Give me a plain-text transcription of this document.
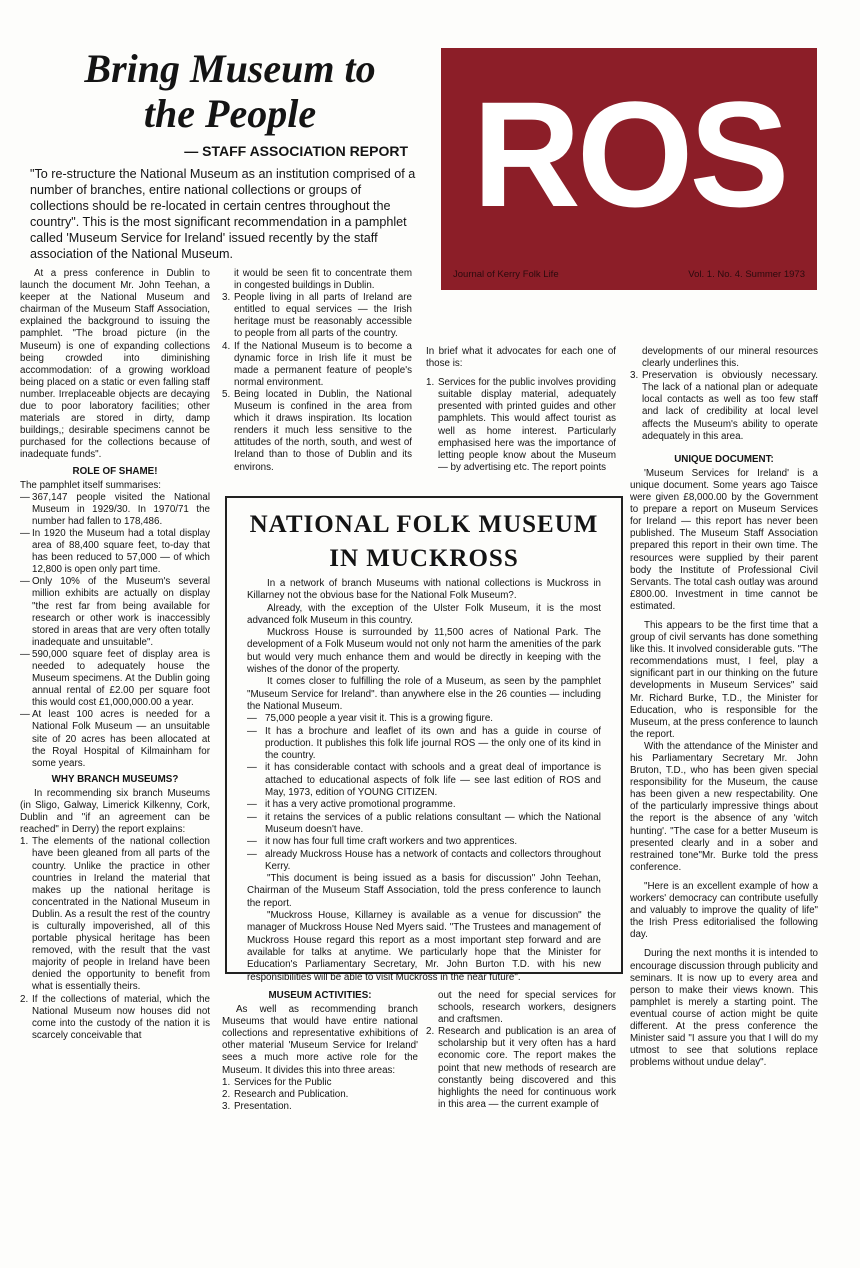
Bring Museum to
the People

— STAFF ASSOCIATION REPORT

"To re-structure the National Museum as an institution comprised of a number of branches, entire national collections or groups of collections should be re-located in certain centres throughout the country". This is the most significant recommendation in a pamphlet called 'Museum Service for Ireland' issued recently by the staff association of the National Museum.

ROS
Journal of Kerry Folk Life	Vol. 1. No. 4. Summer 1973

At a press conference in Dublin to launch the document Mr. John Teehan, a keeper at the National Museum and chairman of the Museum Staff Association, explained the background to issuing the pamphlet. "The broad picture (in the Museum) is one of expanding collections being crowded into diminishing accommodation: of a growing workload being placed on a static or even falling staff number. Irreplaceable objects are decaying due to poor laboratory facilities; other materials are stored in dirty, damp buildings,; desirable specimens cannot be purchased for the collections because of inadequate funds".

ROLE OF SHAME!

The pamphlet itself summarises:

— 367,147 people visited the National Museum in 1929/30. In 1970/71 the number had fallen to 178,486.
— In 1920 the Museum had a total display area of 88,400 square feet, to-day that has been reduced to 57,000 — of which 12,800 is open only part time.
— Only 10% of the Museum's several million exhibits are actually on display "the rest far from being available for research or other work is inaccessibly stored in areas that are very often totally inadequate and unsuitable".
— 590,000 square feet of display area is needed to adequately house the Museum specimens. At the Dublin going annual rental of £2.00 per square foot this would cost £1,000,000.00 a year.
— At least 100 acres is needed for a National Folk Museum — an unsuitable site of 20 acres has been allocated at the Royal Hospital of Kilmainham for some years.
WHY BRANCH MUSEUMS?

In recommending six branch Museums (in Sligo, Galway, Limerick Kilkenny, Cork, Dublin and "if an agreement can be reached" in Derry) the report explains:

1. The elements of the national collection have been gleaned from all parts of the country. Unlike the practice in other countries in Ireland the material that makes up the national heritage is concentrated in the National Museum in Dublin. As a result the rest of the country is culturally impoverished, all of this portable physical heritage has been removed, with the result that the vast majority of people in Ireland have been denied the opportunity to benefit from what is essentially theirs.
2. If the collections of material, which the National Museum now houses did not come into the custody of the nation it is scarcely conceivable that

it would be seen fit to concentrate them in congested buildings in Dublin.

3. People living in all parts of Ireland are entitled to equal services — the Irish heritage must be reasonably accessible to people from all parts of the country.
4. If the National Museum is to become a dynamic force in Irish life it must be made a permanent feature of people's normal environment.
5. Being located in Dublin, the National Museum is confined in the area from which it draws inspiration. Its location renders it much less sensitive to the attitudes of the north, south, and west of Ireland than to those of Dublin and its environs.

In brief what it advocates for each one of those is:

1. Services for the public involves providing suitable display material, adequately presented with printed guides and other pamphlets. This would affect tourist as well as home interest. Particularly emphasised here was the importance of letting people know about the Museum — by advertising etc. The report points

developments of our mineral resources clearly underlines this.

3. Preservation is obviously necessary. The lack of a national plan or adequate local contacts as well as too few staff and lack of credibility at local level affects the Museum's ability to operate adequately in this area.
UNIQUE DOCUMENT:

'Museum Services for Ireland' is a unique document. Some years ago Taisce were given £8,000.00 by the Government to prepare a report on Museum Services for Ireland — this report has never been published. The Museum Staff Association prepared this report in their own time. The resources were supplied by their parent body the Institute of Professional Civil Servants. The total cash outlay was around £800.00. Investment in time cannot be estimated.

This appears to be the first time that a group of civil servants has done something like this. It involved considerable guts. "The recommendations must, I feel, play a significant part in our thinking on the future developments in Museum Services" said Mr. Richard Burke, T.D., the Minister for Education, who is responsible for the Museum, at the press conference to launch the report.

With the attendance of the Minister and his Parliamentary Secretary Mr. John Bruton, T.D., who has been given special responsibility for the Museum, the cause has been given a new respectability. One of the particularly impressive things about the report is the absence of any 'witch hunting'. "The case for a better Museum is presented clearly and in a sober and restrained tone"Mr. Burke told the press conference.

"Here is an excellent example of how a workers' democracy can contribute usefully and valuably to improve the quality of life" the Irish Press editorialised the following day.

During the next months it is intended to encourage discussion through publicity and seminars. It is now up to every area and person to make their views known. This pamphlet is merely a starting point. The eventual course of action might be quite different. At the press conference the Minister said "I assure you that I will do my utmost to see that solutions replace problems without undue delay".

NATIONAL FOLK MUSEUM
IN MUCKROSS

In a network of branch Museums with national collections is Muckross in Killarney not the obvious base for the National Folk Museum?.

Already, with the exception of the Ulster Folk Museum, it is the most advanced folk Museum in this country.

Muckross House is surrounded by 11,500 acres of National Park. The development of a Folk Museum would not only not harm the amenities of the park but would very much enhance them and would be directly in keeping with the wishes of the donor of the property.

It comes closer to fulfilling the role of a Museum, as seen by the pamphlet "Museum Service for Ireland". than anywhere else in the 26 counties — including the National Museum.

— 75,000 people a year visit it. This is a growing figure.
— It has a brochure and leaflet of its own and has a guide in course of production. It publishes this folk life journal ROS — the only one of its kind in the country.
— it has considerable contact with schools and a great deal of importance is attached to educational aspects of folk life — see last edition of ROS and May, 1973, edition of YOUNG CITIZEN.
— it has a very active promotional programme.
— it retains the services of a public relations consultant — which the National Museum doesn't have.
— it now has four full time craft workers and two apprentices.
— already Muckross House has a network of contacts and collectors throughout Kerry.

"This document is being issued as a basis for discussion" John Teehan, Chairman of the Museum Staff Association, told the press conference to launch the report.

"Muckross House, Killarney is available as a venue for discussion" the manager of Muckross House Ned Myers said. "The Trustees and management of Muckross House regard this report as a most important step forward and are available for talks at anytime. We particularly hope that the Minister for Education's Parliamentary Secretary, Mr. John Burton T.D. with his new responsibilities will be able to visit Muckross in the near future".

MUSEUM ACTIVITIES:

As well as recommending branch Museums that would have entire national collections and representative exhibitions of other material 'Museum Service for Ireland' sees a much more active role for the Museum. It divides this into three areas:

1. Services for the Public
2. Research and Publication.
3. Presentation.

out the need for special services for schools, research workers, designers and craftsmen.

2. Research and publication is an area of scholarship but it very often has a hard economic core. The report makes the point that new methods of research are constantly being discovered and this highlights the need for continuous work in this area — the current example of
